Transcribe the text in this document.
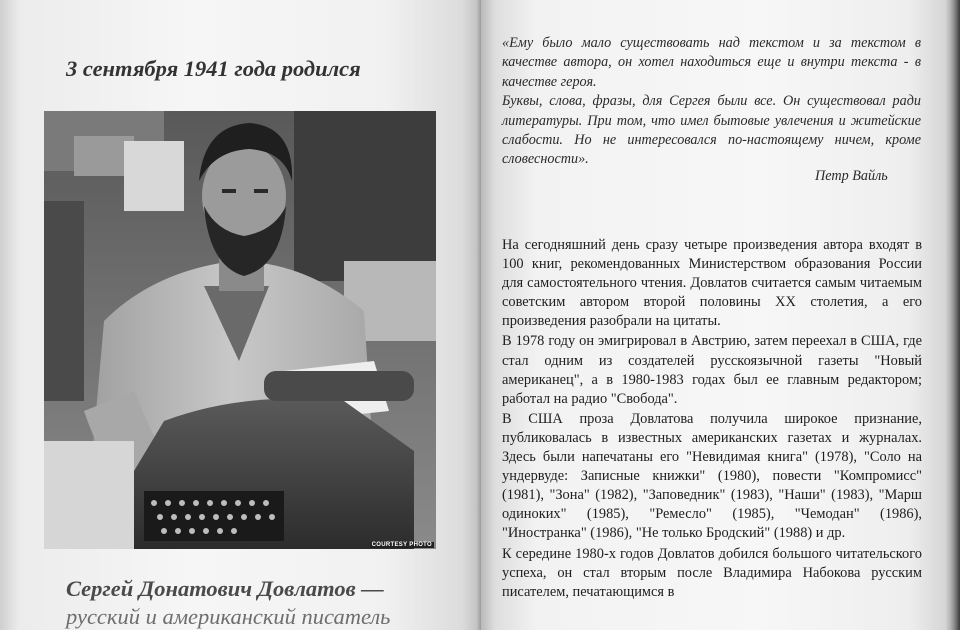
3 сентября 1941 года родился
COURTESY PHOTO
Сергей Донатович Довлатов —

русский и американский писатель

«Ему было мало существовать над текстом и за текстом в качестве автора, он хотел находиться еще и внутри текста - в качестве героя.

Буквы, слова, фразы, для Сергея были все. Он существовал ради литературы. При том, что имел бытовые увлечения и житейские слабости. Но не интересовался по-настоящему ничем, кроме словесности».

Петр Вайль

На сегодняшний день сразу четыре произведения автора входят в 100 книг, рекомендованных Министерством образования России для самостоятельного чтения. Довлатов считается самым читаемым советским автором второй половины XX столетия, а его произведения разобрали на цитаты.

В 1978 году он эмигрировал в Австрию, затем переехал в США, где стал одним из создателей русскоязычной газеты "Новый американец", а в 1980-1983 годах был ее главным редактором; работал на радио "Свобода".

В США проза Довлатова получила широкое признание, публиковалась в известных американских газетах и журналах. Здесь были напечатаны его "Невидимая книга" (1978), "Соло на ундервуде: Записные книжки" (1980), повести "Компромисс" (1981), "Зона" (1982), "Заповедник" (1983), "Наши" (1983), "Марш одиноких" (1985), "Ремесло" (1985), "Чемодан" (1986), "Иностранка" (1986), "Не только Бродский" (1988) и др.

К середине 1980-х годов Довлатов добился большого читательского успеха, он стал вторым после Владимира Набокова русским писателем, печатающимся в
